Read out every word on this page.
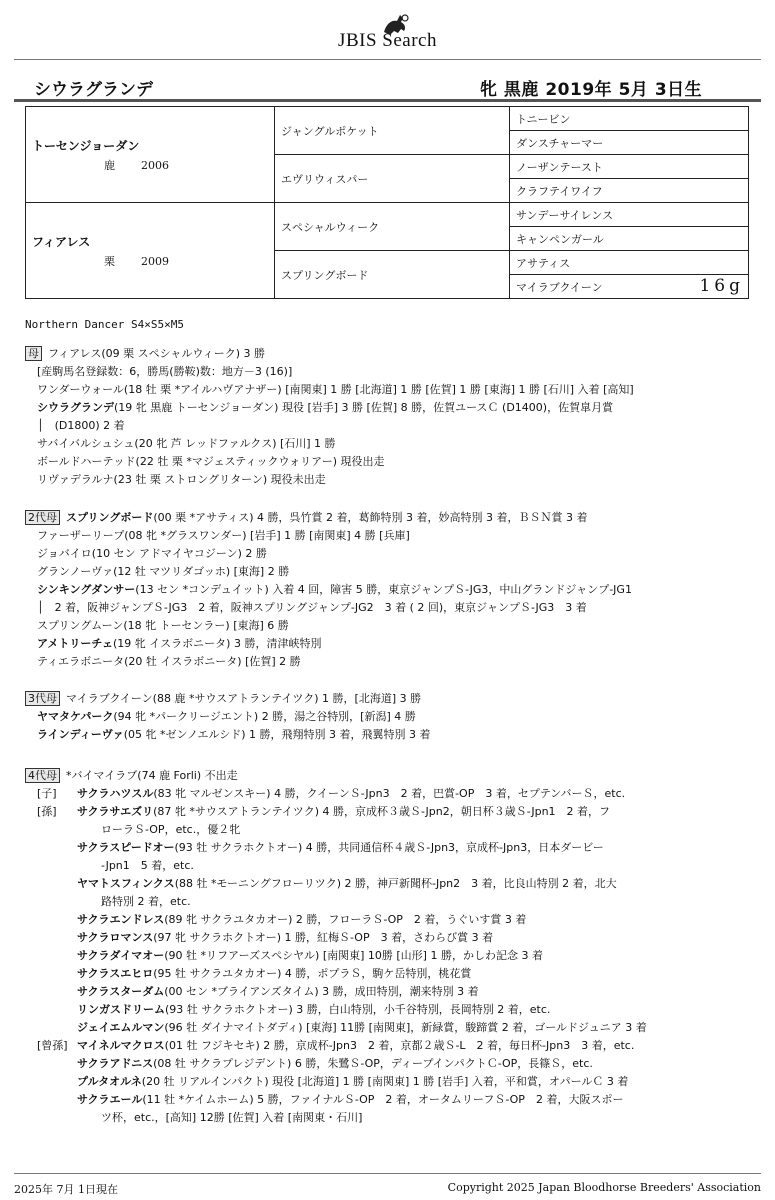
JBIS Search
シウラグランデ	牝 黒鹿 2019年 5月 3日生
トーセンジョーダン
鹿 2006	ジャングルポケット	トニービン
		ダンスチャーマー
	エヴリウィスパー	ノーザンテースト
		クラフテイワイフ

フィアレス
栗 2009	スペシャルウィーク	サンデーサイレンス
		キャンペンガール
	スプリングボード	アサティス
		マイラブクイーン 16g
Northern Dancer S4×S5×M5
母 フィアレス(09 栗 スペシャルウィーク) 3 勝
[産駒馬名登録数：6，勝馬(勝鞍)数：地方－3 (16)]
ワンダーウォール(18 牡 栗 *アイルハヴアナザー) [南関東] 1 勝 [北海道] 1 勝 [佐賀] 1 勝 [東海] 1 勝 [石川] 入着 [高知]
シウラグランデ(19 牝 黒鹿 トーセンジョーダン) 現役 [岩手] 3 勝 [佐賀] 8 勝，佐賀ユースＣ (D1400)，佐賀皐月賞
│　(D1800) 2 着
サバイバルシュシュ(20 牝 芦 レッドファルクス) [石川] 1 勝
ボールドハーテッド(22 牡 栗 *マジェスティックウォリアー) 現役出走
リヴァデラルナ(23 牡 栗 ストロングリターン) 現役未出走
2代母 スプリングボード(00 栗 *アサティス) 4 勝，呉竹賞 2 着，葛飾特別 3 着，妙高特別 3 着，ＢＳＮ賞 3 着
ファーザーリープ(08 牝 *グラスワンダー) [岩手] 1 勝 [南関東] 4 勝 [兵庫]
ジョバイロ(10 セン アドマイヤコジーン) 2 勝
グランノーヴァ(12 牡 マツリダゴッホ) [東海] 2 勝
シンキングダンサー(13 セン *コンデュイット) 入着 4 回，障害 5 勝，東京ジャンプＳ-JG3，中山グランドジャンプ-JG1
│　2 着，阪神ジャンプＳ-JG3　2 着，阪神スプリングジャンプ-JG2　3 着 ( 2 回)，東京ジャンプＳ-JG3　3 着
スプリングムーン(18 牝 トーセンラー) [東海] 6 勝
アメトリーチェ(19 牝 イスラボニータ) 3 勝，清津峡特別
ティエラボニータ(20 牡 イスラボニータ) [佐賀] 2 勝
3代母 マイラブクイーン(88 鹿 *サウスアトランテイツク) 1 勝，[北海道] 3 勝
ヤマタケパーク(94 牝 *パークリージエント) 2 勝，湯之谷特別，[新潟] 4 勝
ラインディーヴァ(05 牝 *ゼンノエルシド) 1 勝，飛翔特別 3 着，飛翼特別 3 着
4代母 *バイマイラブ(74 鹿 Forli) 不出走
[子] サクラハツスル(83 牝 マルゼンスキー) 4 勝，クイーンＳ-Jpn3　2 着，巴賞-OP　3 着，セプテンバーＳ，etc.
[孫] サクラサエズリ(87 牝 *サウスアトランテイツク) 4 勝，京成杯３歳Ｓ-Jpn2，朝日杯３歳Ｓ-Jpn1　2 着，フ
ローラＳ-OP，etc.，優２牝
サクラスピードオー(93 牡 サクラホクトオー) 4 勝，共同通信杯４歳Ｓ-Jpn3，京成杯-Jpn3，日本ダービー
-Jpn1　5 着，etc.
ヤマトスフィンクス(88 牡 *モーニングフローリツク) 2 勝，神戸新聞杯-Jpn2　3 着，比良山特別 2 着，北大
路特別 2 着，etc.
サクラエンドレス(89 牝 サクラユタカオー) 2 勝，フローラＳ-OP　2 着，うぐいす賞 3 着
サクラロマンス(97 牝 サクラホクトオー) 1 勝，紅梅Ｓ-OP　3 着，さわらび賞 3 着
サクラダイマオー(90 牡 *リフアーズスペシヤル) [南関東] 10勝 [山形] 1 勝，かしわ記念 3 着
サクラスエヒロ(95 牡 サクラユタカオー) 4 勝，ポプラＳ，駒ケ岳特別，桃花賞
サクラスターダム(00 セン *ブライアンズタイム) 3 勝，成田特別，潮来特別 3 着
リンガスドリーム(93 牡 サクラホクトオー) 3 勝，白山特別，小千谷特別，長岡特別 2 着，etc.
ジェイエムルマン(96 牡 ダイナマイトダディ) [東海] 11勝 [南関東]，新緑賞，駿蹄賞 2 着，ゴールドジュニア 3 着
[曾孫] マイネルマクロス(01 牡 フジキセキ) 2 勝，京成杯-Jpn3　2 着，京都２歳Ｓ-L　2 着，毎日杯-Jpn3　3 着，etc.
サクラアドニス(08 牡 サクラプレジデント) 6 勝，朱鷺Ｓ-OP，ディープインパクトＣ-OP，長篠Ｓ，etc.
プルタオルネ(20 牡 リアルインパクト) 現役 [北海道] 1 勝 [南関東] 1 勝 [岩手] 入着，平和賞，オパールＣ 3 着
サクラエール(11 牡 *ケイムホーム) 5 勝，ファイナルＳ-OP　2 着，オータムリーフＳ-OP　2 着，大阪スポー
ツ杯，etc.，[高知] 12勝 [佐賀] 入着 [南関東・石川]
2025年 7月 1日現在	Copyright 2025 Japan Bloodhorse Breeders' Association
